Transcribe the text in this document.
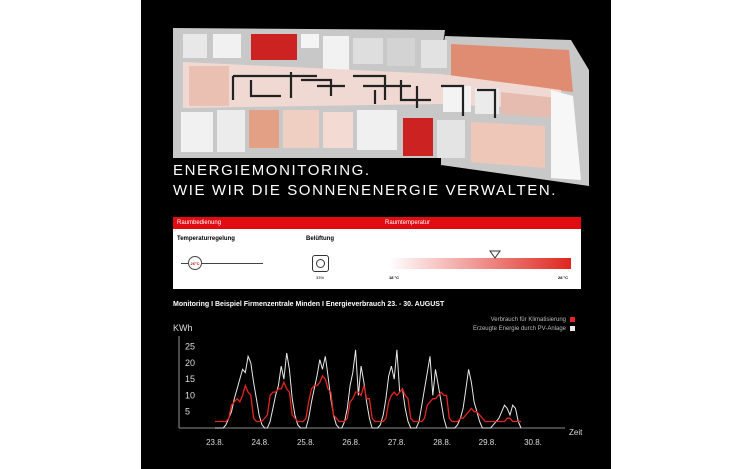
ENERGIEMONITORING.
WIE WIR DIE SONNENENERGIE VERWALTEN.
Raumbedienung	Raumtemperatur
Temperaturregelung
26°C
Belüftung
33%	18 °C	28 °C
Monitoring I Beispiel Firmenzentrale Minden I Energieverbrauch 23. - 30. AUGUST
Verbrauch für Klimatisierung
Erzeugte Energie durch PV-Anlage
KWh
Zeit
5
10
15
20
25
23.8.	24.8.	25.8.	26.8.	27.8.	28.8.	29.8.	30.8.
